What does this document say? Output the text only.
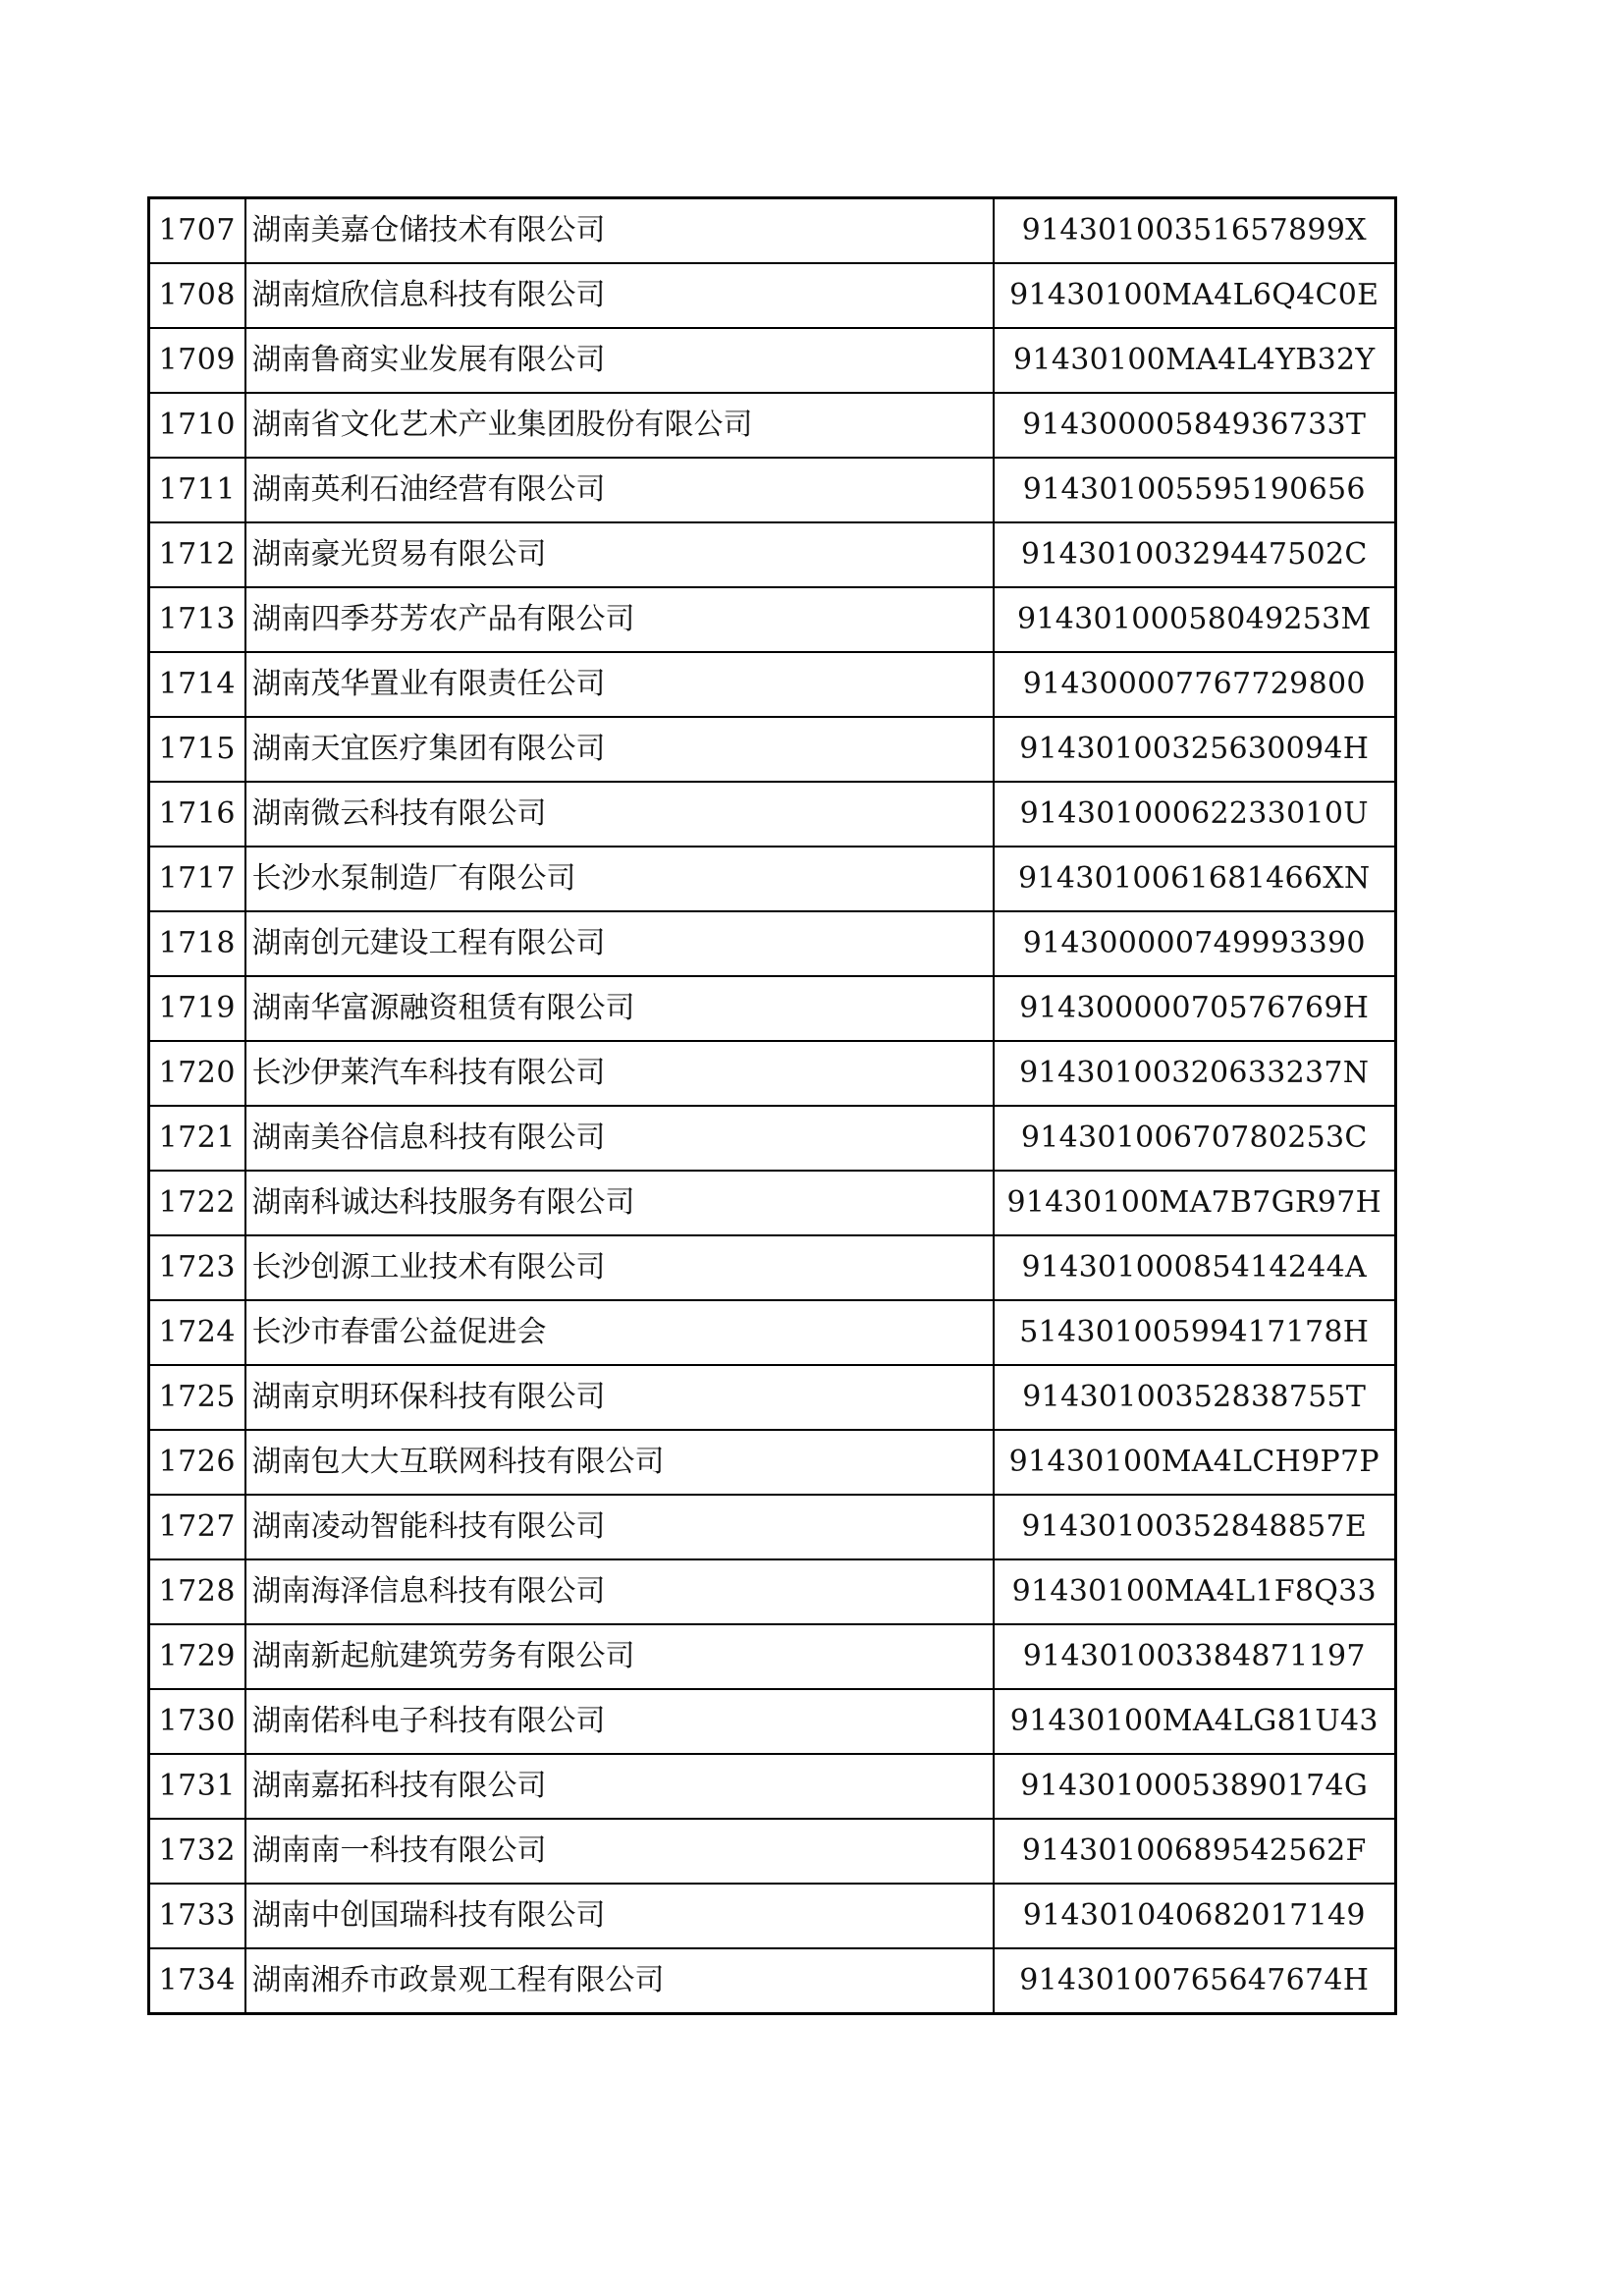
1707	湖南美嘉仓储技术有限公司	91430100351657899X
1708	湖南煊欣信息科技有限公司	91430100MA4L6Q4C0E
1709	湖南鲁商实业发展有限公司	91430100MA4L4YB32Y
1710	湖南省文化艺术产业集团股份有限公司	91430000584936733T
1711	湖南英利石油经营有限公司	914301005595190656
1712	湖南豪光贸易有限公司	91430100329447502C
1713	湖南四季芬芳农产品有限公司	91430100058049253M
1714	湖南茂华置业有限责任公司	914300007767729800
1715	湖南天宜医疗集团有限公司	91430100325630094H
1716	湖南微云科技有限公司	91430100062233010U
1717	长沙水泵制造厂有限公司	9143010061681466XN
1718	湖南创元建设工程有限公司	914300000749993390
1719	湖南华富源融资租赁有限公司	91430000070576769H
1720	长沙伊莱汽车科技有限公司	91430100320633237N
1721	湖南美谷信息科技有限公司	91430100670780253C
1722	湖南科诚达科技服务有限公司	91430100MA7B7GR97H
1723	长沙创源工业技术有限公司	91430100085414244A
1724	长沙市春雷公益促进会	51430100599417178H
1725	湖南京明环保科技有限公司	91430100352838755T
1726	湖南包大大互联网科技有限公司	91430100MA4LCH9P7P
1727	湖南凌动智能科技有限公司	91430100352848857E
1728	湖南海泽信息科技有限公司	91430100MA4L1F8Q33
1729	湖南新起航建筑劳务有限公司	914301003384871197
1730	湖南偌科电子科技有限公司	91430100MA4LG81U43
1731	湖南嘉拓科技有限公司	91430100053890174G
1732	湖南南一科技有限公司	91430100689542562F
1733	湖南中创国瑞科技有限公司	914301040682017149
1734	湖南湘乔市政景观工程有限公司	91430100765647674H
